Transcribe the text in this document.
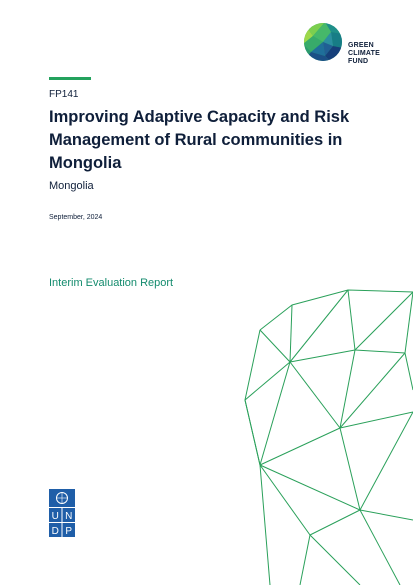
GREEN
CLIMATE
FUND
FP141
Improving Adaptive Capacity and Risk Management of Rural communities in Mongolia
Mongolia
September, 2024
Interim Evaluation Report
U N
D P
